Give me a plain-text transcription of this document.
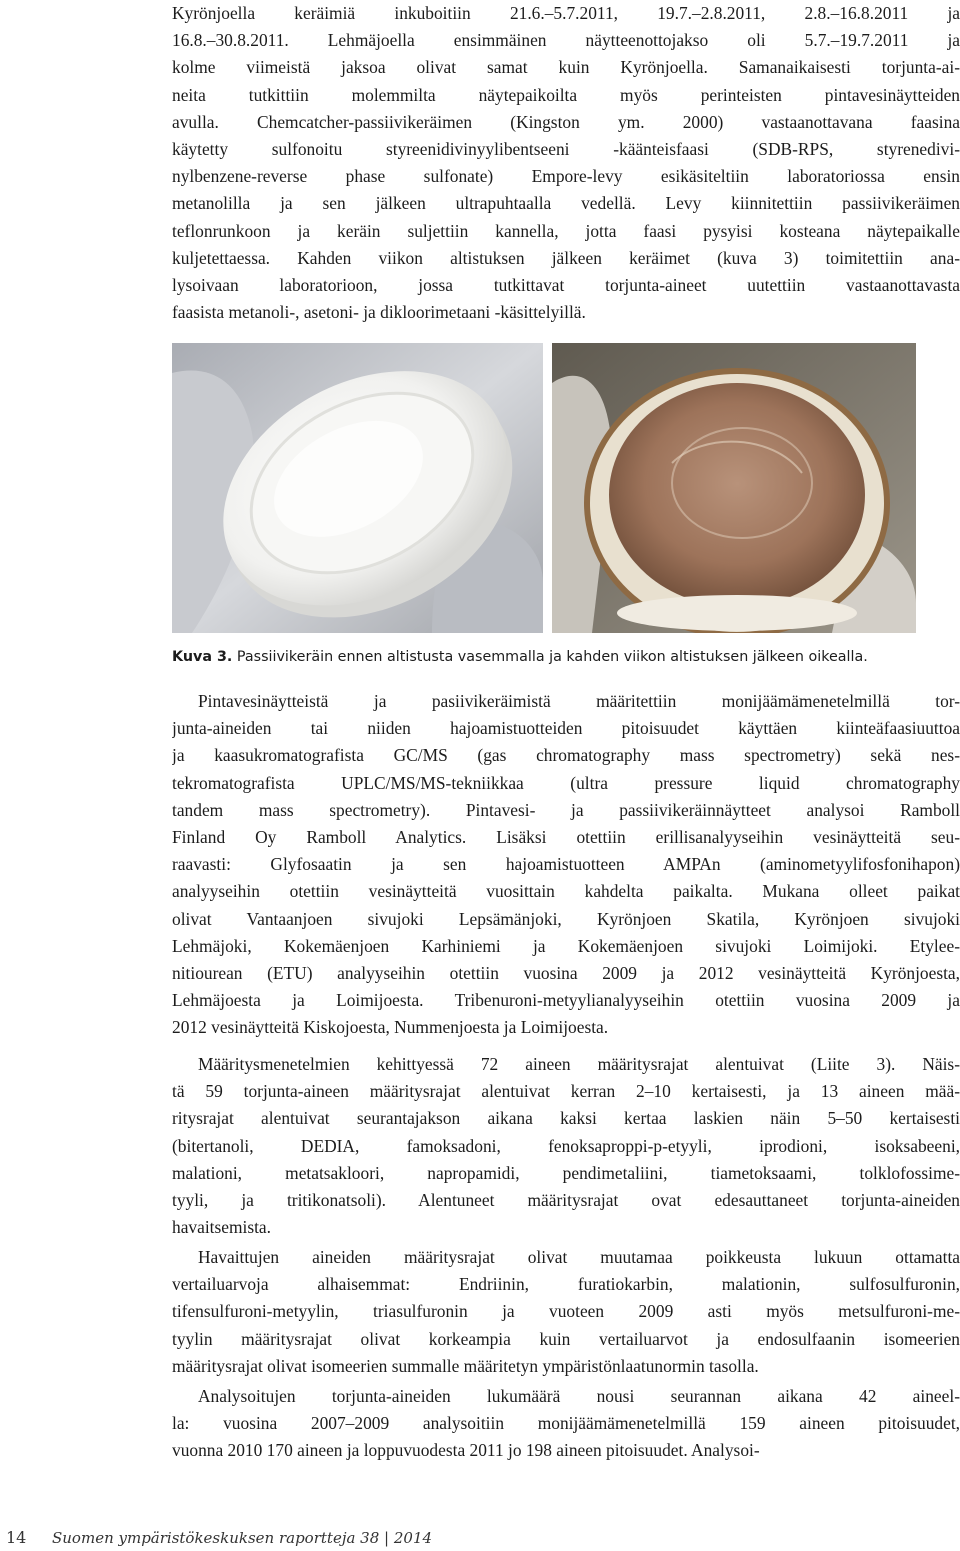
Kyrönjoella keräimiä inkuboitiin 21.6.–5.7.2011, 19.7.–2.8.2011, 2.8.–16.8.2011 ja
16.8.–30.8.2011. Lehmäjoella ensimmäinen näytteenottojakso oli 5.7.–19.7.2011 ja
kolme viimeistä jaksoa olivat samat kuin Kyrönjoella. Samanaikaisesti torjunta-ai-
neita tutkittiin molemmilta näytepaikoilta myös perinteisten pintavesinäytteiden
avulla. Chemcatcher-passiivikeräimen (Kingston ym. 2000) vastaanottavana faasina
käytetty sulfonoitu styreenidivinyylibentseeni -käänteisfaasi (SDB-RPS, styrenedivi-
nylbenzene-reverse phase sulfonate) Empore-levy esikäsiteltiin laboratoriossa ensin
metanolilla ja sen jälkeen ultrapuhtaalla vedellä. Levy kiinnitettiin passiivikeräimen
teflonrunkoon ja keräin suljettiin kannella, jotta faasi pysyisi kosteana näytepaikalle
kuljetettaessa. Kahden viikon altistuksen jälkeen keräimet (kuva 3) toimitettiin ana-
lysoivaan laboratorioon, jossa tutkittavat torjunta-aineet uutettiin vastaanottavasta
faasista metanoli-, asetoni- ja dikloorimetaani -käsittelyillä.
Kuva 3. Passiivikeräin ennen altistusta vasemmalla ja kahden viikon altistuksen jälkeen oikealla.
Pintavesinäytteistä ja pasiivikeräimistä määritettiin monijäämämenetelmillä tor-
junta-aineiden tai niiden hajoamistuotteiden pitoisuudet käyttäen kiinteäfaasiuuttoa
ja kaasukromatografista GC/MS (gas chromatography mass spectrometry) sekä nes-
tekromatografista UPLC/MS/MS-tekniikkaa (ultra pressure liquid chromatography
tandem mass spectrometry). Pintavesi- ja passiivikeräinnäytteet analysoi Ramboll
Finland Oy Ramboll Analytics. Lisäksi otettiin erillisanalyyseihin vesinäytteitä seu-
raavasti: Glyfosaatin ja sen hajoamistuotteen AMPAn (aminometyylifosfonihapon)
analyyseihin otettiin vesinäytteitä vuosittain kahdelta paikalta. Mukana olleet paikat
olivat Vantaanjoen sivujoki Lepsämänjoki, Kyrönjoen Skatila, Kyrönjoen sivujoki
Lehmäjoki, Kokemäenjoen Karhiniemi ja Kokemäenjoen sivujoki Loimijoki. Etylee-
nitiourean (ETU) analyyseihin otettiin vuosina 2009 ja 2012 vesinäytteitä Kyrönjoesta,
Lehmäjoesta ja Loimijoesta. Tribenuroni-metyylianalyyseihin otettiin vuosina 2009 ja
2012 vesinäytteitä Kiskojoesta, Nummenjoesta ja Loimijoesta.
Määritysmenetelmien kehittyessä 72 aineen määritysrajat alentuivat (Liite 3). Näis-
tä 59 torjunta-aineen määritysrajat alentuivat kerran 2–10 kertaisesti, ja 13 aineen mää-
ritysrajat alentuivat seurantajakson aikana kaksi kertaa laskien näin 5–50 kertaisesti
(bitertanoli, DEDIA, famoksadoni, fenoksaproppi-p-etyyli, iprodioni, isoksabeeni,
malationi, metatsakloori, napropamidi, pendimetaliini, tiametoksaami, tolklofossime-
tyyli, ja tritikonatsoli). Alentuneet määritysrajat ovat edesauttaneet torjunta-aineiden
havaitsemista.
Havaittujen aineiden määritysrajat olivat muutamaa poikkeusta lukuun ottamatta
vertailuarvoja alhaisemmat: Endriinin, furatiokarbin, malationin, sulfosulfuronin,
tifensulfuroni-metyylin, triasulfuronin ja vuoteen 2009 asti myös metsulfuroni-me-
tyylin määritysrajat olivat korkeampia kuin vertailuarvot ja endosulfaanin isomeerien
määritysrajat olivat isomeerien summalle määritetyn ympäristönlaatunormin tasolla.
Analysoitujen torjunta-aineiden lukumäärä nousi seurannan aikana 42 aineel-
la: vuosina 2007–2009 analysoitiin monijäämämenetelmillä 159 aineen pitoisuudet,
vuonna 2010 170 aineen ja loppuvuodesta 2011 jo 198 aineen pitoisuudet. Analysoi-
14 Suomen ympäristökeskuksen raportteja 38 | 2014
